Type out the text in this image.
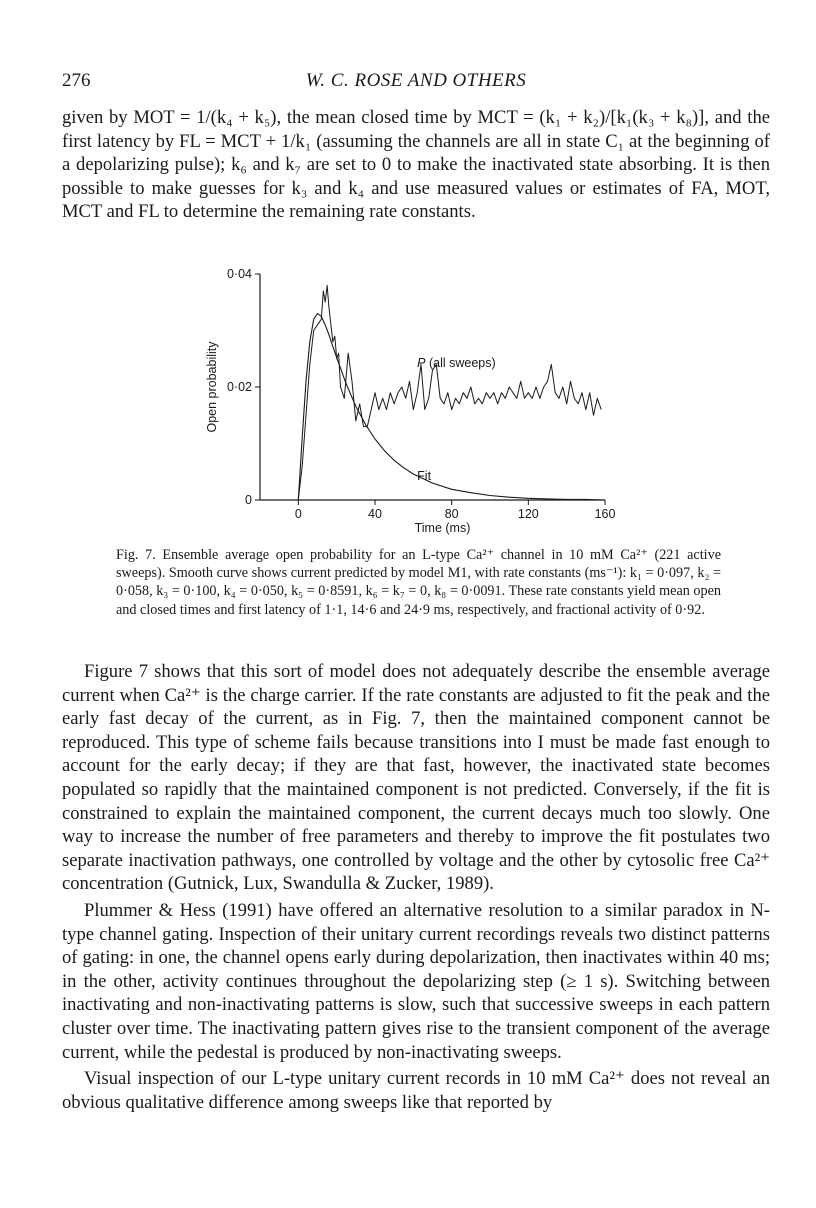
276	W. C. ROSE AND OTHERS

given by MOT = 1/(k₄ + k₅), the mean closed time by MCT = (k₁ + k₂)/[k₁(k₃ + k₈)], and the first latency by FL = MCT + 1/k₁ (assuming the channels are all in state C₁ at the beginning of a depolarizing pulse); k₆ and k₇ are set to 0 to make the inactivated state absorbing. It is then possible to make guesses for k₃ and k₄ and use measured values or estimates of FA, MOT, MCT and FL to determine the remaining rate constants.

0
0·02
0·04
0	40	80	120	160
Time (ms)
Open probability	P (all sweeps)
Fit

Fig. 7. Ensemble average open probability for an L-type Ca²⁺ channel in 10 mM Ca²⁺ (221 active sweeps). Smooth curve shows current predicted by model M1, with rate constants (ms⁻¹): k₁ = 0·097, k₂ = 0·058, k₃ = 0·100, k₄ = 0·050, k₅ = 0·8591, k₆ = k₇ = 0, k₈ = 0·0091. These rate constants yield mean open and closed times and first latency of 1·1, 14·6 and 24·9 ms, respectively, and fractional activity of 0·92.

Figure 7 shows that this sort of model does not adequately describe the ensemble average current when Ca²⁺ is the charge carrier. If the rate constants are adjusted to fit the peak and the early fast decay of the current, as in Fig. 7, then the maintained component cannot be reproduced. This type of scheme fails because transitions into I must be made fast enough to account for the early decay; if they are that fast, however, the inactivated state becomes populated so rapidly that the maintained component is not predicted. Conversely, if the fit is constrained to explain the maintained component, the current decays much too slowly. One way to increase the number of free parameters and thereby to improve the fit postulates two separate inactivation pathways, one controlled by voltage and the other by cytosolic free Ca²⁺ concentration (Gutnick, Lux, Swandulla & Zucker, 1989).

Plummer & Hess (1991) have offered an alternative resolution to a similar paradox in N-type channel gating. Inspection of their unitary current recordings reveals two distinct patterns of gating: in one, the channel opens early during depolarization, then inactivates within 40 ms; in the other, activity continues throughout the depolarizing step (≥ 1 s). Switching between inactivating and non-inactivating patterns is slow, such that successive sweeps in each pattern cluster over time. The inactivating pattern gives rise to the transient component of the average current, while the pedestal is produced by non-inactivating sweeps.

Visual inspection of our L-type unitary current records in 10 mM Ca²⁺ does not reveal an obvious qualitative difference among sweeps like that reported by
